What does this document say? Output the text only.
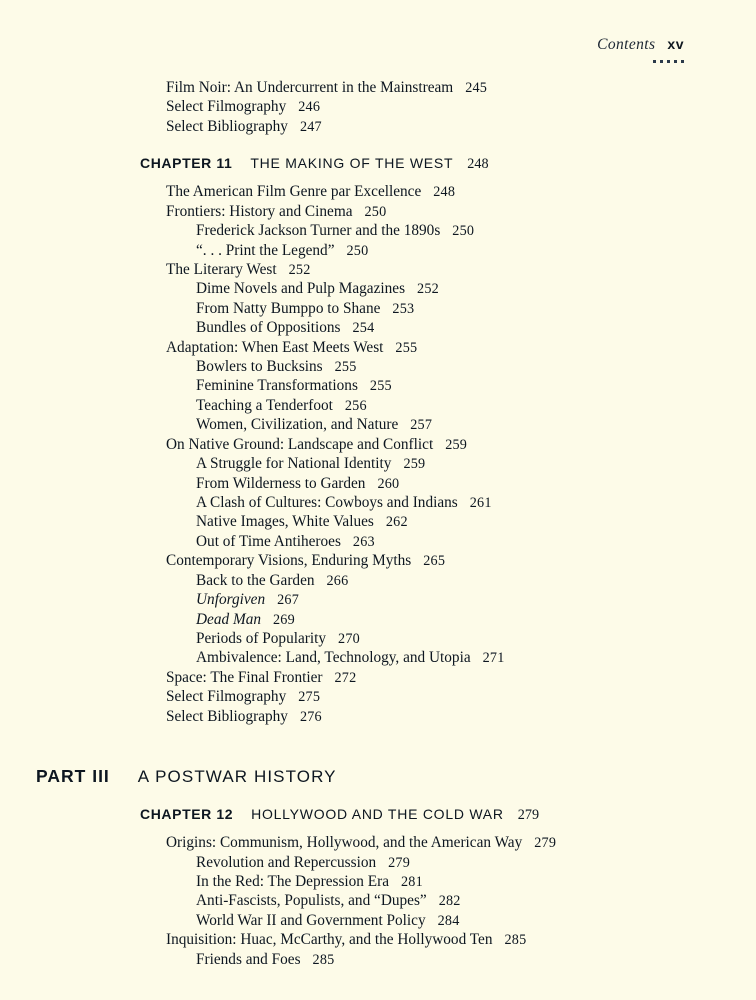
Contents xv
Film Noir: An Undercurrent in the Mainstream 245
Select Filmography 246
Select Bibliography 247
CHAPTER 11 THE MAKING OF THE WEST 248
The American Film Genre par Excellence 248
Frontiers: History and Cinema 250
Frederick Jackson Turner and the 1890s 250
“. . . Print the Legend” 250
The Literary West 252
Dime Novels and Pulp Magazines 252
From Natty Bumppo to Shane 253
Bundles of Oppositions 254
Adaptation: When East Meets West 255
Bowlers to Bucksins 255
Feminine Transformations 255
Teaching a Tenderfoot 256
Women, Civilization, and Nature 257
On Native Ground: Landscape and Conflict 259
A Struggle for National Identity 259
From Wilderness to Garden 260
A Clash of Cultures: Cowboys and Indians 261
Native Images, White Values 262
Out of Time Antiheroes 263
Contemporary Visions, Enduring Myths 265
Back to the Garden 266
Unforgiven 267
Dead Man 269
Periods of Popularity 270
Ambivalence: Land, Technology, and Utopia 271
Space: The Final Frontier 272
Select Filmography 275
Select Bibliography 276
PART III A POSTWAR HISTORY
CHAPTER 12 HOLLYWOOD AND THE COLD WAR 279
Origins: Communism, Hollywood, and the American Way 279
Revolution and Repercussion 279
In the Red: The Depression Era 281
Anti-Fascists, Populists, and “Dupes” 282
World War II and Government Policy 284
Inquisition: Huac, McCarthy, and the Hollywood Ten 285
Friends and Foes 285
